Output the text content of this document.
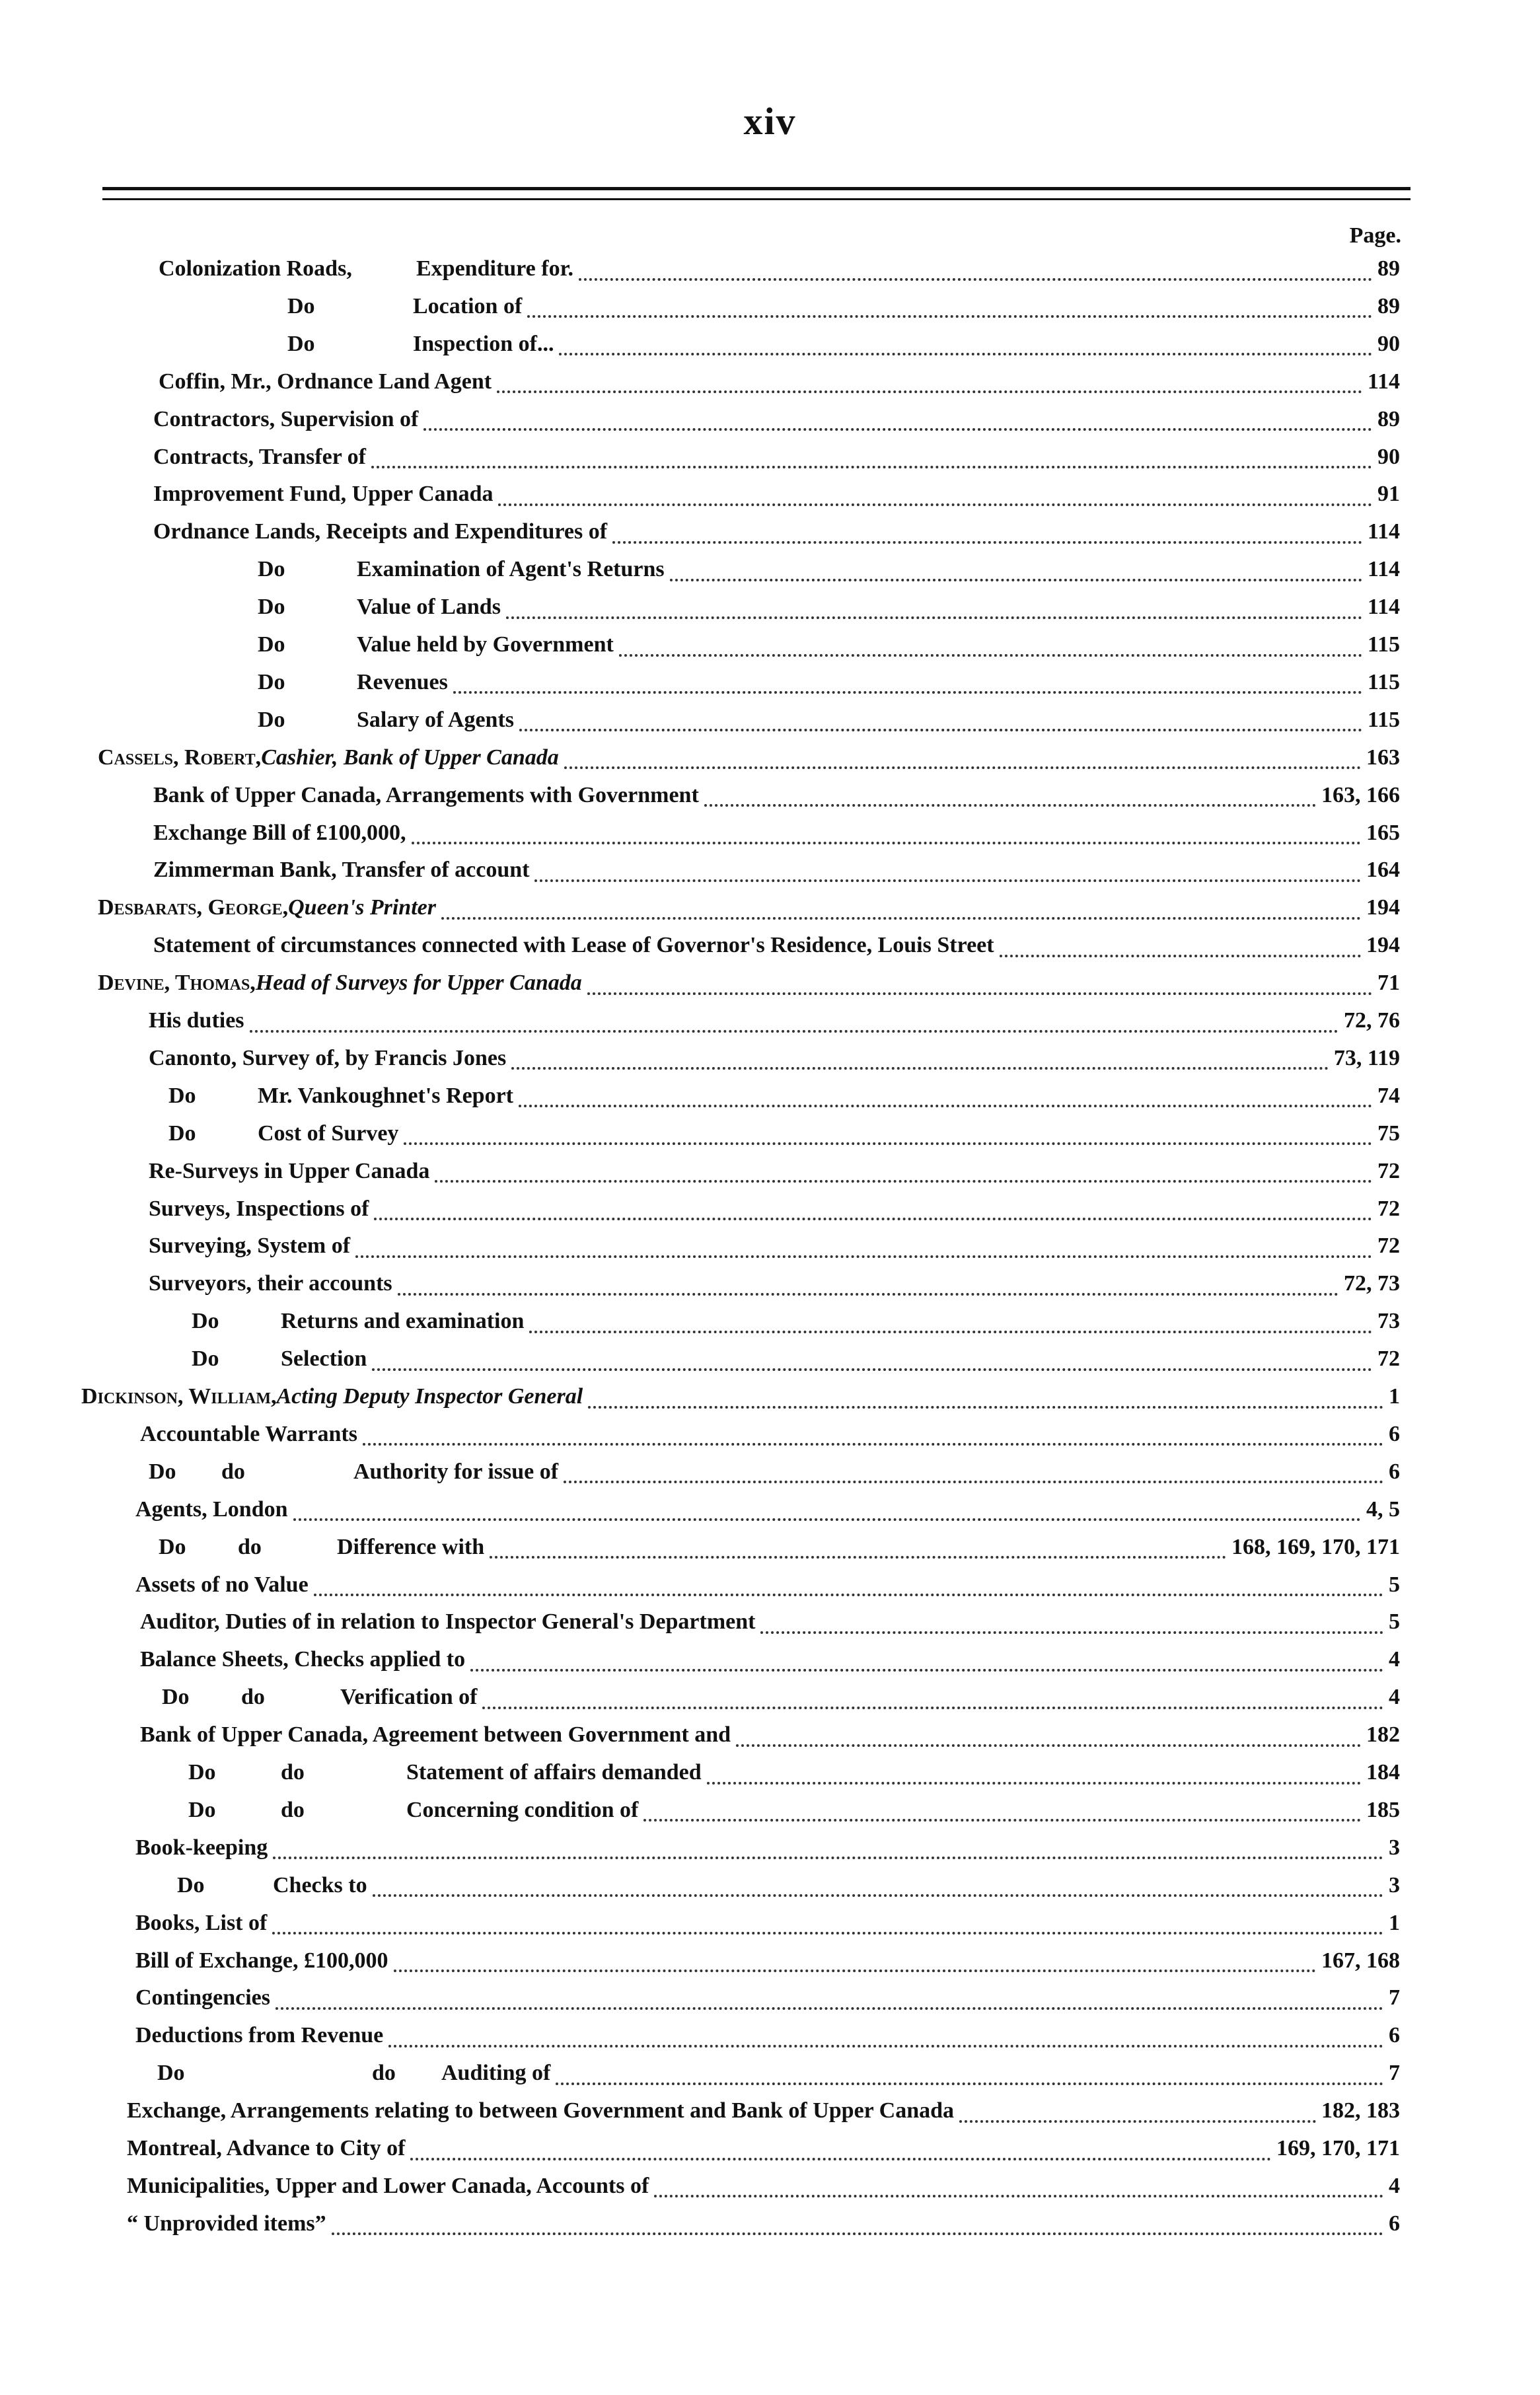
xiv
Page.
Colonization Roads,	Expenditure for.	89
Do	Location of	89
Do	Inspection of...	90
Coffin, Mr., Ordnance Land Agent	114
Contractors, Supervision of	89
Contracts, Transfer of	90
Improvement Fund, Upper Canada	91
Ordnance Lands, Receipts and Expenditures of	114
Do	Examination of Agent's Returns	114
Do	Value of Lands	114
Do	Value held by Government	115
Do	Revenues	115
Do	Salary of Agents	115
Cassels, Robert,Cashier, Bank of Upper Canada	163
Bank of Upper Canada, Arrangements with Government	163, 166
Exchange Bill of £100,000,	165
Zimmerman Bank, Transfer of account	164
Desbarats, George,Queen's Printer	194
Statement of circumstances connected with Lease of Governor's Residence, Louis Street	194
Devine, Thomas,Head of Surveys for Upper Canada	71
His duties	72, 76
Canonto, Survey of, by Francis Jones	73, 119
Do	Mr. Vankoughnet's Report	74
Do	Cost of Survey	75
Re-Surveys in Upper Canada	72
Surveys, Inspections of	72
Surveying, System of	72
Surveyors, their accounts	72, 73
Do	Returns and examination	73
Do	Selection	72
Dickinson, William,Acting Deputy Inspector General	1
Accountable Warrants	6
Do do	Authority for issue of	6
Agents, London	4, 5
Do do	Difference with	168, 169, 170, 171
Assets of no Value	5
Auditor, Duties of in relation to Inspector General's Department	5
Balance Sheets, Checks applied to	4
Do do	Verification of	4
Bank of Upper Canada, Agreement between Government and	182
Do	do	Statement of affairs demanded	184
Do	do	Concerning condition of	185
Book-keeping	3
Do	Checks to	3
Books, List of	1
Bill of Exchange, £100,000	167, 168
Contingencies	7
Deductions from Revenue	6
Do	do Auditing of	7
Exchange, Arrangements relating to between Government and Bank of Upper Canada	182, 183
Montreal, Advance to City of	169, 170, 171
Municipalities, Upper and Lower Canada, Accounts of	4
“ Unprovided items”	6
